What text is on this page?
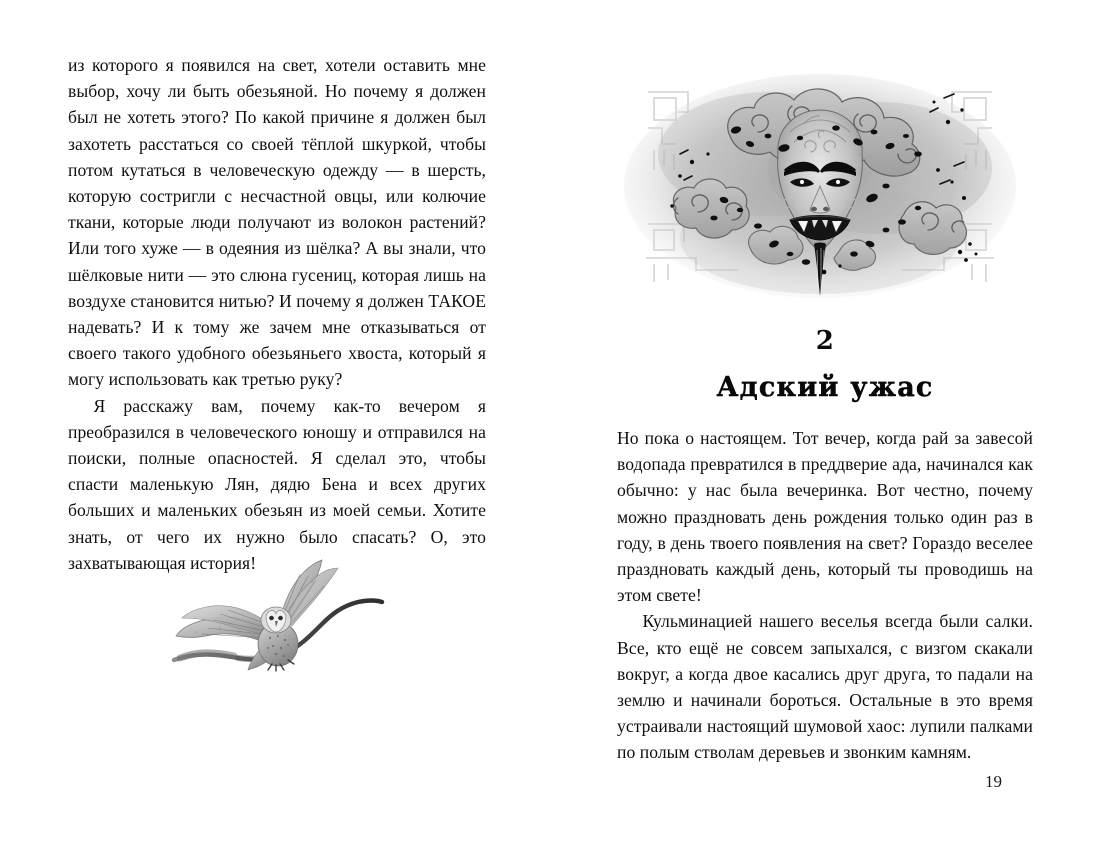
из которого я появился на свет, хотели оставить мне выбор, хочу ли быть обезьяной. Но почему я должен был не хотеть этого? По какой причине я должен был захотеть расстаться со своей тёплой шкуркой, чтобы потом кутаться в человеческую одежду — в шерсть, которую состригли с несчастной овцы, или колючие ткани, которые люди получают из волокон растений? Или того хуже — в одеяния из шёлка? А вы знали, что шёлковые нити — это слюна гусениц, которая лишь на воздухе становится нитью? И почему я должен ТАКОЕ надевать? И к тому же зачем мне отказываться от своего такого удобного обезьяньего хвоста, который я могу использовать как третью руку?

Я расскажу вам, почему как-то вечером я преобразился в человеческого юношу и отправился на поиски, полные опасностей. Я сделал это, чтобы спасти маленькую Лян, дядю Бена и всех других больших и маленьких обезьян из моей семьи. Хотите знать, от чего их нужно было спасать? О, это захватывающая история!

2
Адский ужас

Но пока о настоящем. Тот вечер, когда рай за завесой водопада превратился в преддверие ада, начинался как обычно: у нас была вечеринка. Вот честно, почему можно праздновать день рождения только один раз в году, в день твоего появления на свет? Гораздо веселее праздновать каждый день, который ты проводишь на этом свете!

Кульминацией нашего веселья всегда были салки. Все, кто ещё не совсем запыхался, с визгом скакали вокруг, а когда двое касались друг друга, то падали на землю и начинали бороться. Остальные в это время устраивали настоящий шумовой хаос: лупили палками по полым стволам деревьев и звонким камням.

19
